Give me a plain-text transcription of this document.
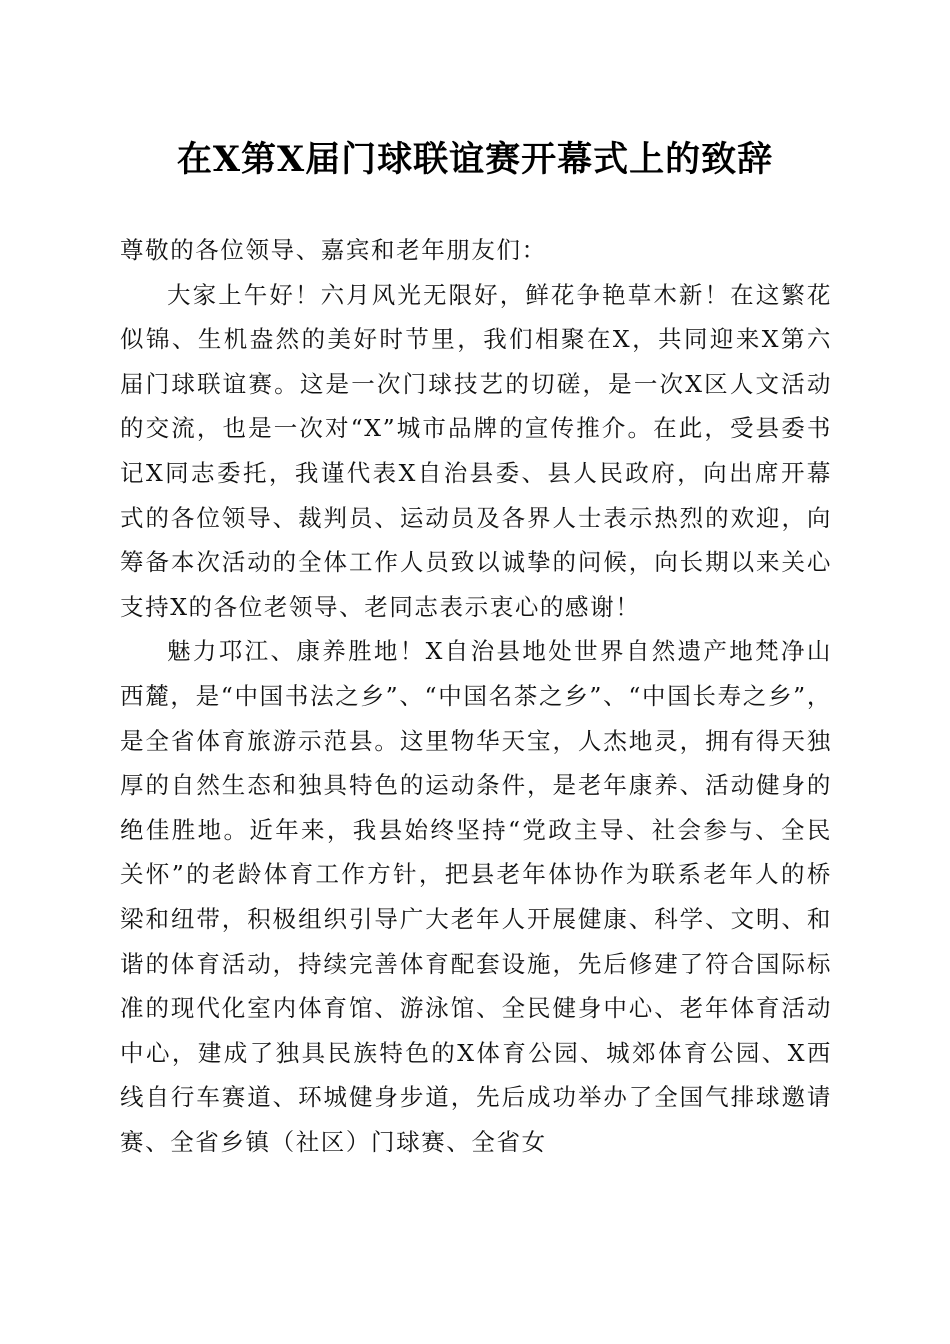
在X第X届门球联谊赛开幕式上的致辞

尊敬的各位领导、嘉宾和老年朋友们：

大家上午好！六月风光无限好，鲜花争艳草木新！在这繁花似锦、生机盎然的美好时节里，我们相聚在X，共同迎来X第六届门球联谊赛。这是一次门球技艺的切磋，是一次X区人文活动的交流，也是一次对“X”城市品牌的宣传推介。在此，受县委书记X同志委托，我谨代表X自治县委、县人民政府，向出席开幕式的各位领导、裁判员、运动员及各界人士表示热烈的欢迎，向筹备本次活动的全体工作人员致以诚挚的问候，向长期以来关心支持X的各位老领导、老同志表示衷心的感谢！

魅力邛江、康养胜地！X自治县地处世界自然遗产地梵净山西麓，是“中国书法之乡”、“中国名茶之乡”、“中国长寿之乡”，是全省体育旅游示范县。这里物华天宝，人杰地灵，拥有得天独厚的自然生态和独具特色的运动条件，是老年康养、活动健身的绝佳胜地。近年来，我县始终坚持“党政主导、社会参与、全民关怀”的老龄体育工作方针，把县老年体协作为联系老年人的桥梁和纽带，积极组织引导广大老年人开展健康、科学、文明、和谐的体育活动，持续完善体育配套设施，先后修建了符合国际标准的现代化室内体育馆、游泳馆、全民健身中心、老年体育活动中心，建成了独具民族特色的X体育公园、城郊体育公园、X西线自行车赛道、环城健身步道，先后成功举办了全国气排球邀请赛、全省乡镇（社区）门球赛、全省女
